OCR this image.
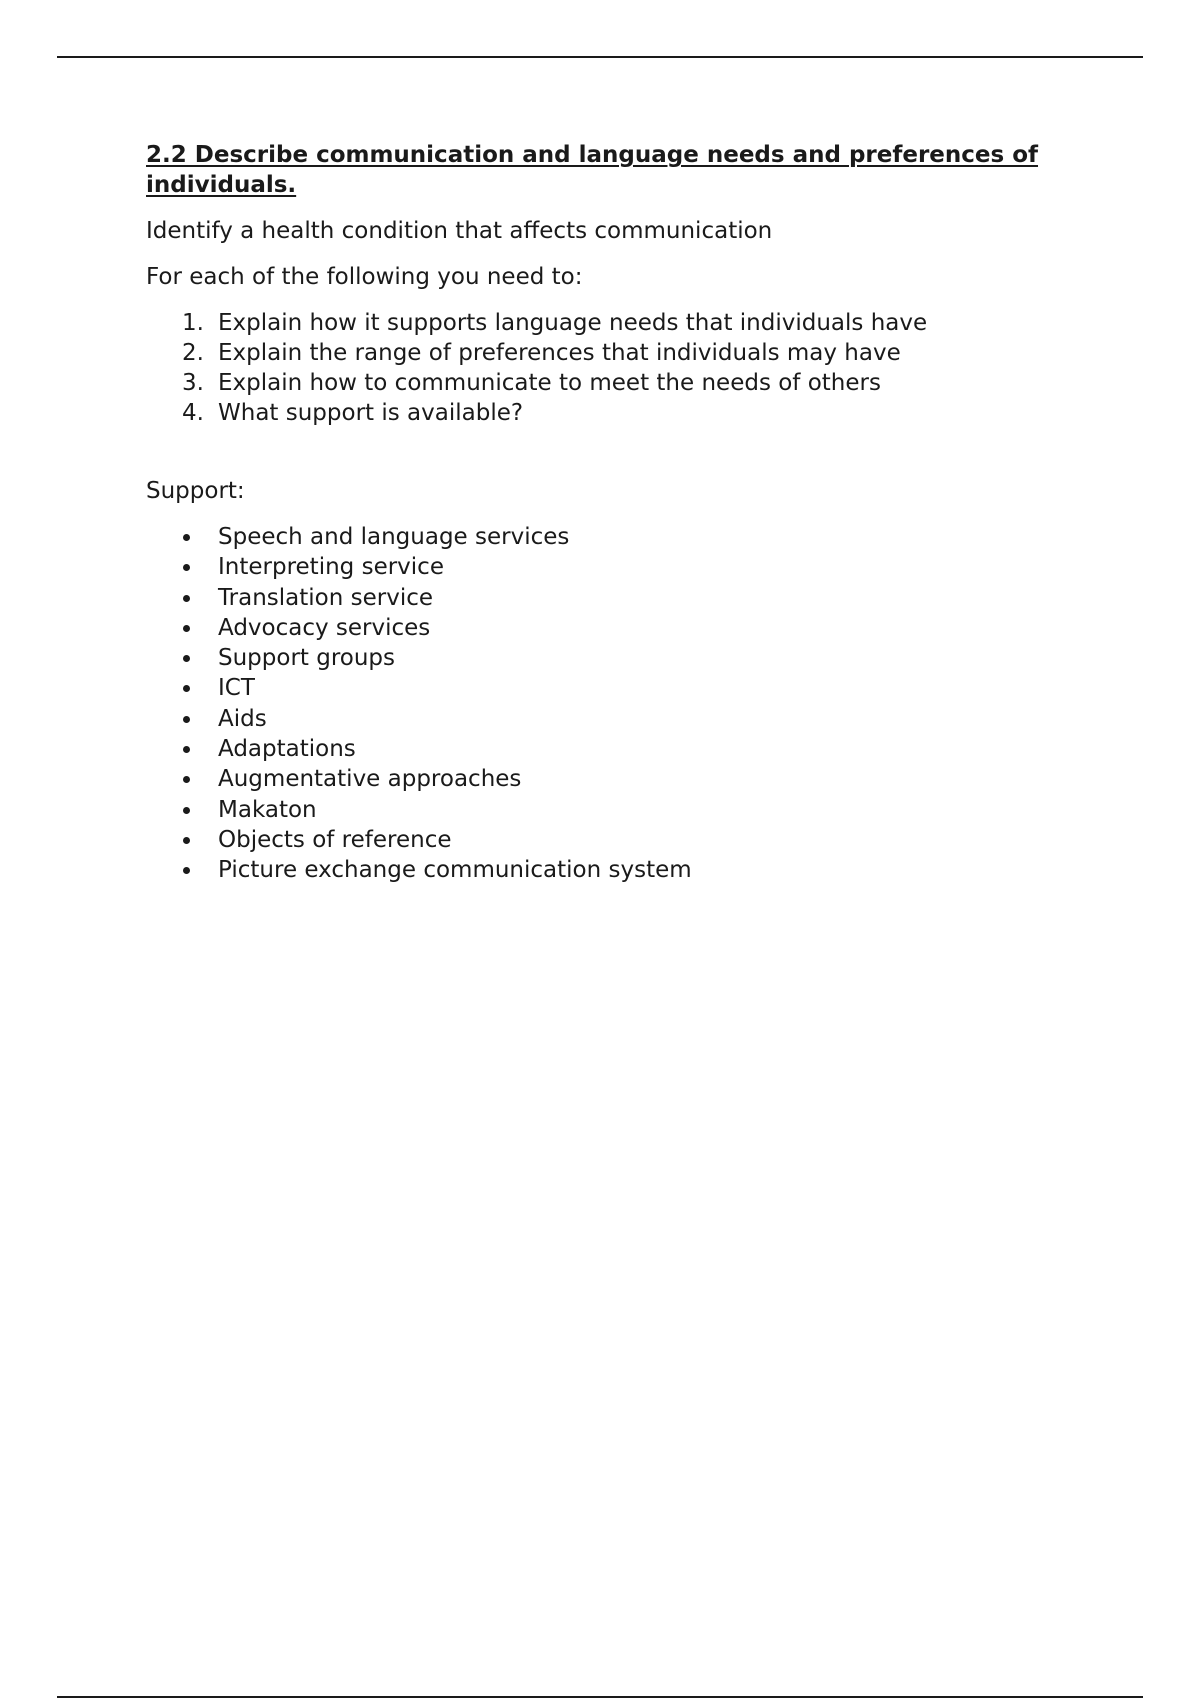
2.2 Describe communication and language needs and preferences of individuals.

Identify a health condition that affects communication

For each of the following you need to:

1. Explain how it supports language needs that individuals have
2. Explain the range of preferences that individuals may have
3. Explain how to communicate to meet the needs of others
4. What support is available?

Support:

Speech and language services
Interpreting service
Translation service
Advocacy services
Support groups
ICT
Aids
Adaptations
Augmentative approaches
Makaton
Objects of reference
Picture exchange communication system
